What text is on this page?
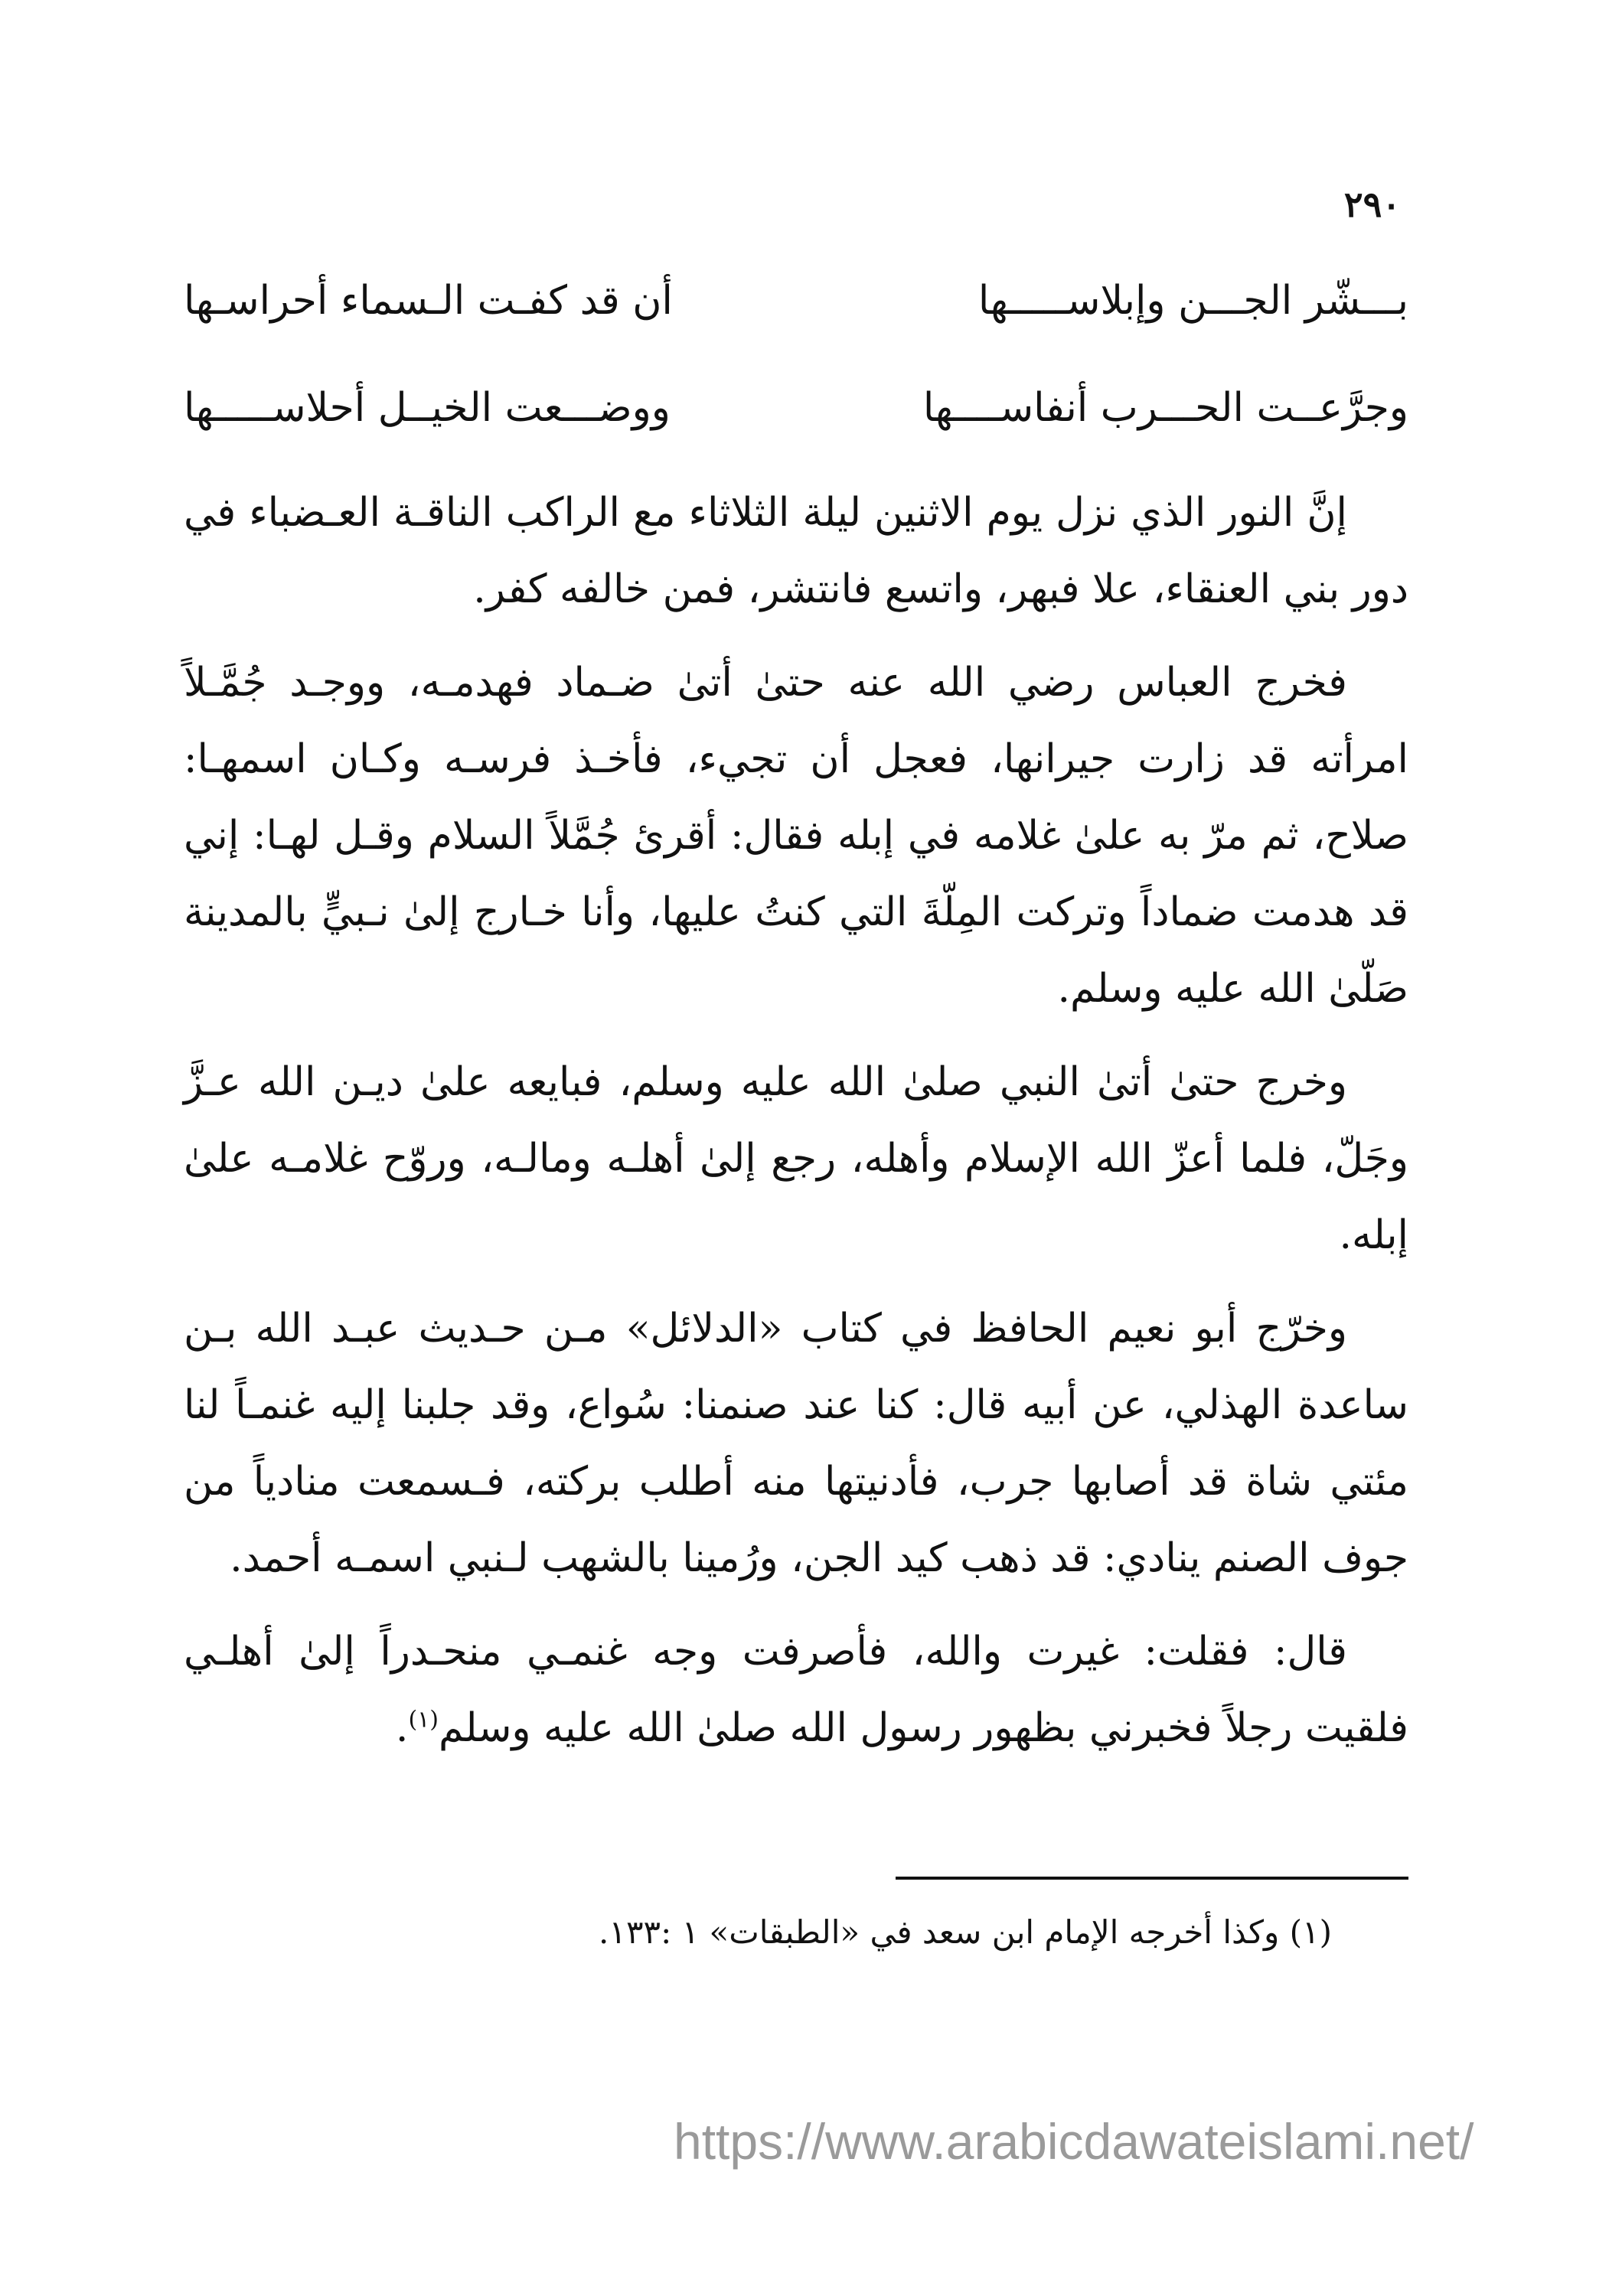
٢٩٠
بـــشّر الجـــن وإبلاســـــها
أن قد كفـت الـسماء أحراسـها
وجرَّعــت الحـــرب أنفاســــها
ووضـــعت الخيــل أحلاســـــها

إنَّ النور الذي نزل يوم الاثنين ليلة الثلاثاء مع الراكب الناقـة العـضباء في دور بني العنقاء، علا فبهر، واتسع فانتشر، فمن خالفه كفر.

فخرج العباس رضي الله عنه حتىٰ أتىٰ ضـماد فهدمـه، ووجـد جُمَّـلاً امرأته قد زارت جيرانها، فعجل أن تجيء، فأخـذ فرسـه وكـان اسمهـا: صلاح، ثم مرّ به علىٰ غلامه في إبله فقال: أقرئ جُمَّلاً السلام وقـل لهـا: إني قد هدمت ضماداً وتركت المِلّةَ التي كنتُ عليها، وأنا خـارج إلىٰ نـبيٍّ بالمدينة صَلّىٰ الله عليه وسلم.

وخرج حتىٰ أتىٰ النبي صلىٰ الله عليه وسلم، فبايعه علىٰ ديـن الله عـزَّ وجَلّ، فلما أعزّ الله الإسلام وأهله، رجع إلىٰ أهلـه ومالـه، وروّح غلامـه علىٰ إبله.

وخرّج أبو نعيم الحافظ في كتاب «الدلائل» مـن حـديث عبـد الله بـن ساعدة الهذلي، عن أبيه قال: كنا عند صنمنا: سُواع، وقد جلبنا إليه غنمـاً لنا مئتي شاة قد أصابها جرب، فأدنيتها منه أطلب بركته، فـسمعت منادياً من جوف الصنم ينادي: قد ذهب كيد الجن، ورُمينا بالشهب لـنبي اسمـه أحمد.

قال: فقلت: غيرت والله، فأصرفت وجه غنمـي منحـدراً إلىٰ أهلـي فلقيت رجلاً فخبرني بظهور رسول الله صلىٰ الله عليه وسلم$^{(١)}$.

(١) وكذا أخرجه الإمام ابن سعد في «الطبقات» ١ :١٣٣.
https://www.arabicdawateislami.net/
